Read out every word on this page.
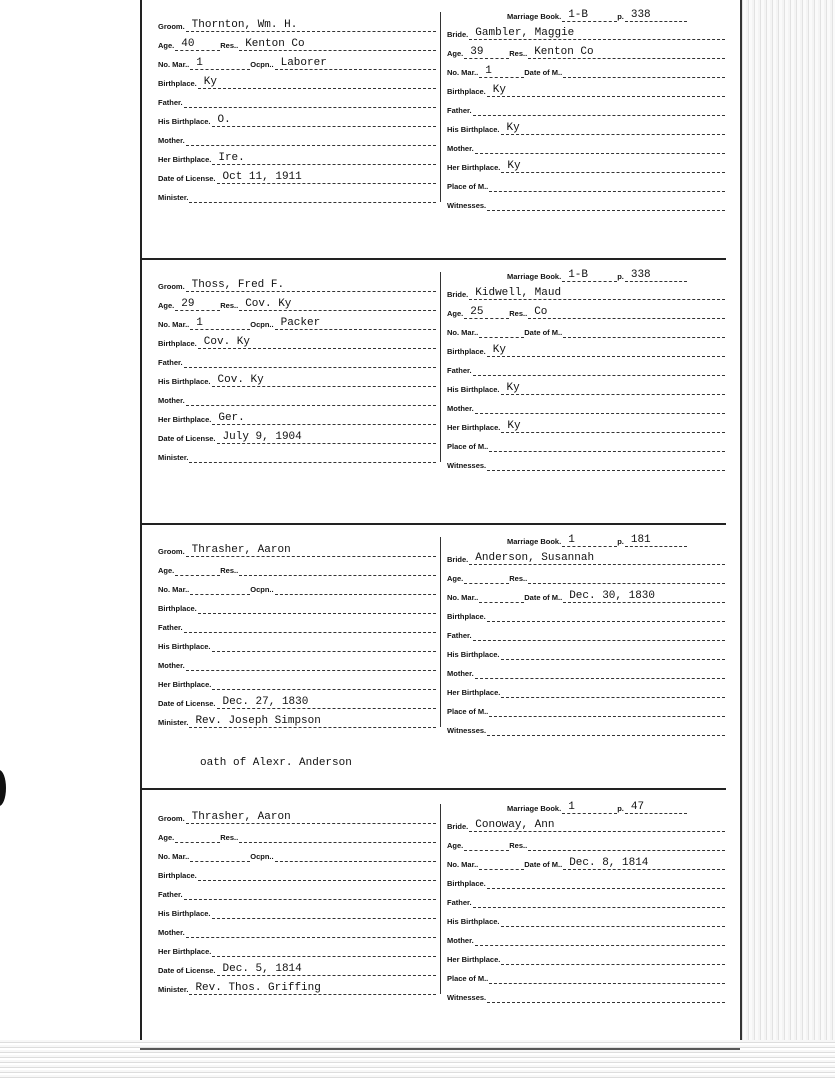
Groom. Thornton, Wm. H.
Age. 40	Res.. Kenton Co
No. Mar.. 1	Ocpn.. Laborer
Birthplace. Ky
Father.
His Birthplace. O.
Mother.
Her Birthplace. Ire.
Date of License. Oct 11, 1911
Minister.
Marriage Book. 1-B	p. 338
Bride. Gambler, Maggie
Age. 39	Res.. Kenton Co
No. Mar.. 1	Date of M..
Birthplace. Ky
Father.
His Birthplace. Ky
Mother.
Her Birthplace. Ky
Place of M..
Witnesses.
Groom. Thoss, Fred F.
Age. 29	Res.. Cov. Ky
No. Mar.. 1	Ocpn.. Packer
Birthplace. Cov. Ky
Father.
His Birthplace. Cov. Ky
Mother.
Her Birthplace. Ger.
Date of License. July 9, 1904
Minister.
Marriage Book. 1-B	p. 338
Bride. Kidwell, Maud
Age. 25	Res.. Co
No. Mar..	Date of M..
Birthplace. Ky
Father.
His Birthplace. Ky
Mother.
Her Birthplace. Ky
Place of M..
Witnesses.
Groom. Thrasher, Aaron
Age.	Res..
No. Mar..	Ocpn..
Birthplace.
Father.
His Birthplace.
Mother.
Her Birthplace.
Date of License. Dec. 27, 1830
Minister. Rev. Joseph Simpson
Marriage Book. 1	p. 181
Bride. Anderson, Susannah
Age.	Res..
No. Mar..	Date of M.. Dec. 30, 1830
Birthplace.
Father.
His Birthplace.
Mother.
Her Birthplace.
Place of M..
Witnesses.
oath of Alexr. Anderson
Groom. Thrasher, Aaron
Age.	Res..
No. Mar..	Ocpn..
Birthplace.
Father.
His Birthplace.
Mother.
Her Birthplace.
Date of License. Dec. 5, 1814
Minister. Rev. Thos. Griffing
Marriage Book. 1	p. 47
Bride. Conoway, Ann
Age.	Res..
No. Mar..	Date of M.. Dec. 8, 1814
Birthplace.
Father.
His Birthplace.
Mother.
Her Birthplace.
Place of M..
Witnesses.
